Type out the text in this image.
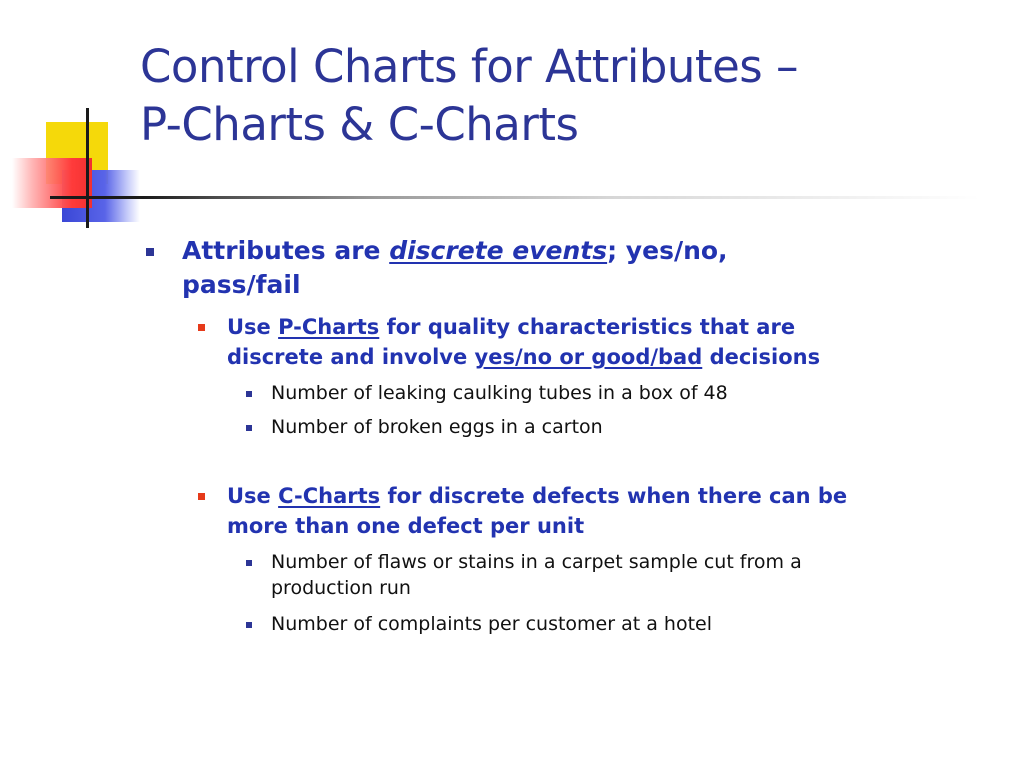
Control Charts for Attributes –
P-Charts & C-Charts

Attributes are discrete events; yes/no,
pass/fail

Use P-Charts for quality characteristics that are
discrete and involve yes/no or good/bad decisions

Number of leaking caulking tubes in a box of 48

Number of broken eggs in a carton

Use C-Charts for discrete defects when there can be
more than one defect per unit

Number of flaws or stains in a carpet sample cut from a
production run

Number of complaints per customer at a hotel
